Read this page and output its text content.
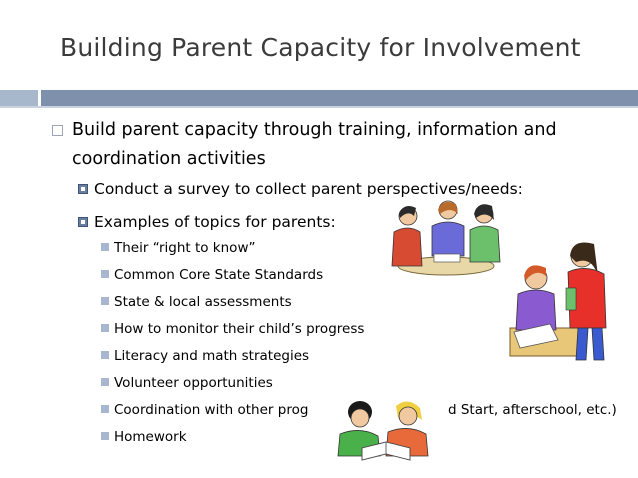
Building Parent Capacity for Involvement
Build parent capacity through training, information and
coordination activities
Conduct a survey to collect parent perspectives/needs:
Examples of topics for parents:
Their “right to know”
Common Core State Standards
State & local assessments
How to monitor their child’s progress
Literacy and math strategies
Volunteer opportunities
Coordination with other prog	d Start, afterschool, etc.)
Homework
